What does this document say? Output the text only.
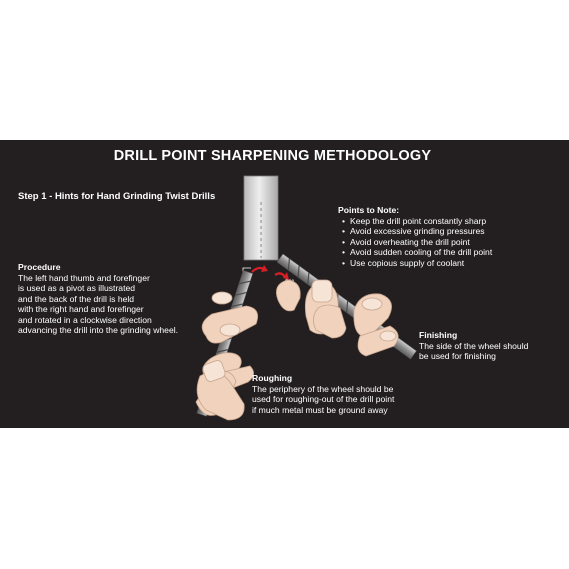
DRILL POINT SHARPENING METHODOLOGY
Step 1 - Hints for Hand Grinding Twist Drills
Points to Note:
• Keep the drill point constantly sharp
• Avoid excessive grinding pressures
• Avoid overheating the drill point
• Avoid sudden cooling of the drill point
• Use copious supply of coolant
Procedure
The left hand thumb and forefinger
is used as a pivot as illustrated
and the back of the drill is held
with the right hand and forefinger
and rotated in a clockwise direction
advancing the drill into the grinding wheel.	Finishing
The side of the wheel should
be used for finishing
Roughing
The periphery of the wheel should be
used for roughing-out of the drill point
if much metal must be ground away
